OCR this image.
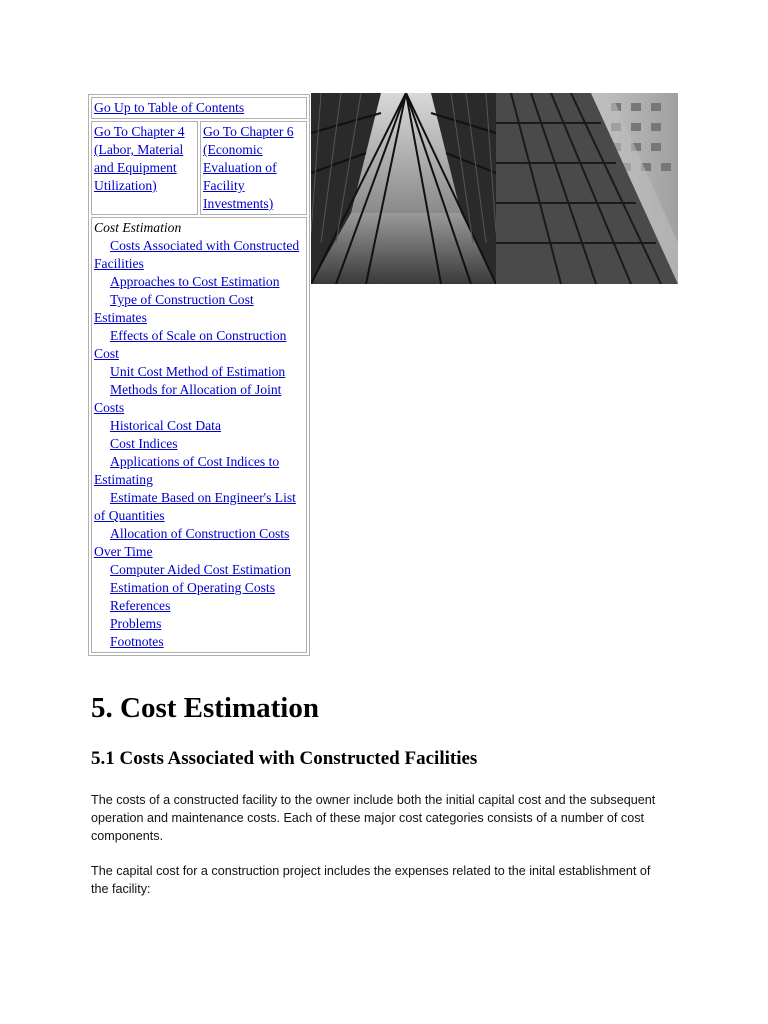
Go Up to Table of Contents
Go To Chapter 4 (Labor, Material and Equipment Utilization)	Go To Chapter 6 (Economic Evaluation of Facility Investments)

Cost Estimation
Costs Associated with Constructed Facilities
Approaches to Cost Estimation
Type of Construction Cost Estimates
Effects of Scale on Construction Cost
Unit Cost Method of Estimation
Methods for Allocation of Joint Costs
Historical Cost Data
Cost Indices
Applications of Cost Indices to Estimating
Estimate Based on Engineer's List of Quantities
Allocation of Construction Costs Over Time
Computer Aided Cost Estimation
Estimation of Operating Costs
References
Problems
Footnotes
5. Cost Estimation
5.1 Costs Associated with Constructed Facilities

The costs of a constructed facility to the owner include both the initial capital cost and the subsequent operation and maintenance costs. Each of these major cost categories consists of a number of cost components.

The capital cost for a construction project includes the expenses related to the inital establishment of the facility:
